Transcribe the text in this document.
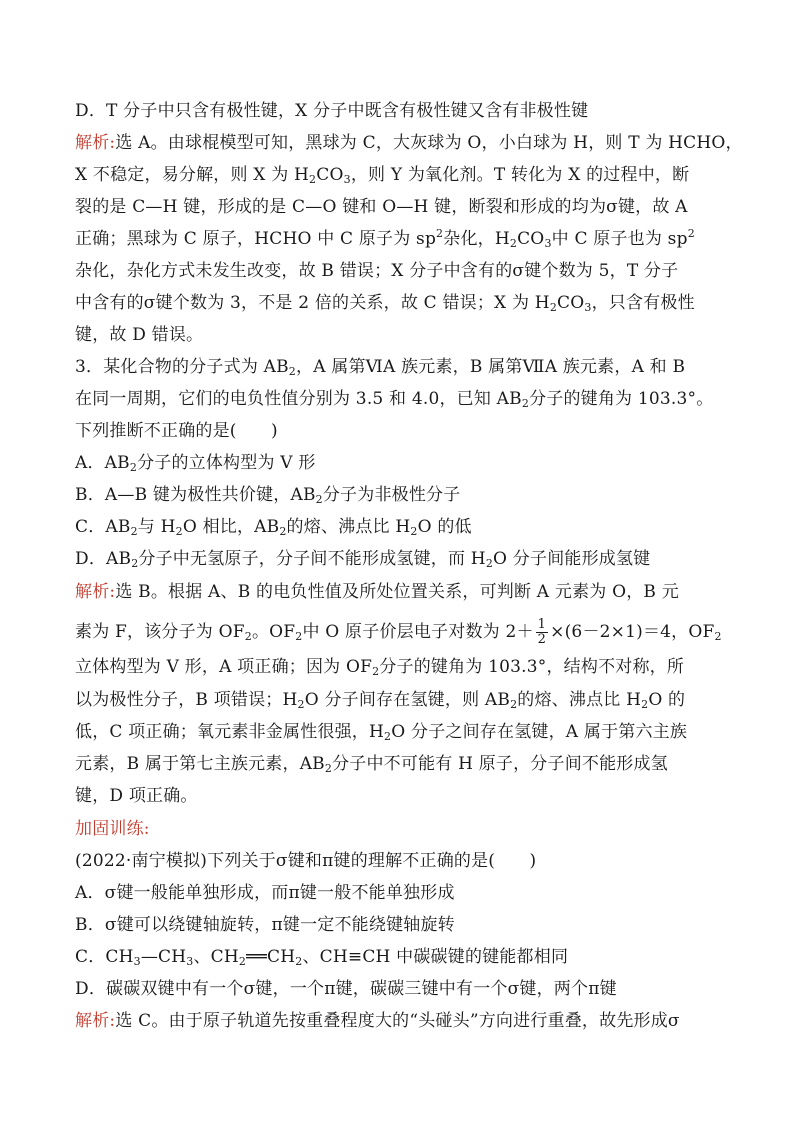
D．T 分子中只含有极性键，X 分子中既含有极性键又含有非极性键
解析:选 A。由球棍模型可知，黑球为 C，大灰球为 O，小白球为 H，则 T 为 HCHO，
X 不稳定，易分解，则 X 为 $H_2CO_3$，则 Y 为氧化剂。T 转化为 X 的过程中，断
裂的是 C—H 键，形成的是 C—O 键和 O—H 键，断裂和形成的均为σ键，故 A
正确；黑球为 C 原子，HCHO 中 C 原子为 $sp^2$杂化，$H_2CO_3$中 C 原子也为 $sp^2$
杂化，杂化方式未发生改变，故 B 错误；X 分子中含有的σ键个数为 5，T 分子
中含有的σ键个数为 3，不是 2 倍的关系，故 C 错误；X 为 $H_2CO_3$，只含有极性
键，故 D 错误。
3．某化合物的分子式为 $AB_2$，A 属第ⅥA 族元素，B 属第ⅦA 族元素，A 和 B
在同一周期，它们的电负性值分别为 3.5 和 4.0，已知 $AB_2$分子的键角为 103.3°。
下列推断不正确的是(　　)
A．$AB_2$分子的立体构型为 V 形
B．A—B 键为极性共价键，$AB_2$分子为非极性分子
C．$AB_2$与 $H_2O$ 相比，$AB_2$的熔、沸点比 $H_2O$ 的低
D．$AB_2$分子中无氢原子，分子间不能形成氢键，而 $H_2O$ 分子间能形成氢键
解析:选 B。根据 A、B 的电负性值及所处位置关系，可判断 A 元素为 O，B 元
素为 F，该分子为 $OF_2$。$OF_2$中 O 原子价层电子对数为 $2+ \frac{1}{2} \times(6-2\times 1)=4$，$OF_2$
立体构型为 V 形，A 项正确；因为 $OF_2$分子的键角为 103.3°，结构不对称，所
以为极性分子，B 项错误；$H_2O$ 分子间存在氢键，则 $AB_2$的熔、沸点比 $H_2O$ 的
低，C 项正确；氧元素非金属性很强，$H_2O$ 分子之间存在氢键，A 属于第六主族
元素，B 属于第七主族元素，$AB_2$分子中不可能有 H 原子，分子间不能形成氢
键，D 项正确。
加固训练:
(2022·南宁模拟)下列关于σ键和π键的理解不正确的是(　　)
A．σ键一般能单独形成，而π键一般不能单独形成
B．σ键可以绕键轴旋转，π键一定不能绕键轴旋转
C．$CH_3—CH_3$、$CH_2══CH_2$、CH≡CH 中碳碳键的键能都相同
D．碳碳双键中有一个σ键，一个π键，碳碳三键中有一个σ键，两个π键
解析:选 C。由于原子轨道先按重叠程度大的“头碰头”方向进行重叠，故先形成σ
